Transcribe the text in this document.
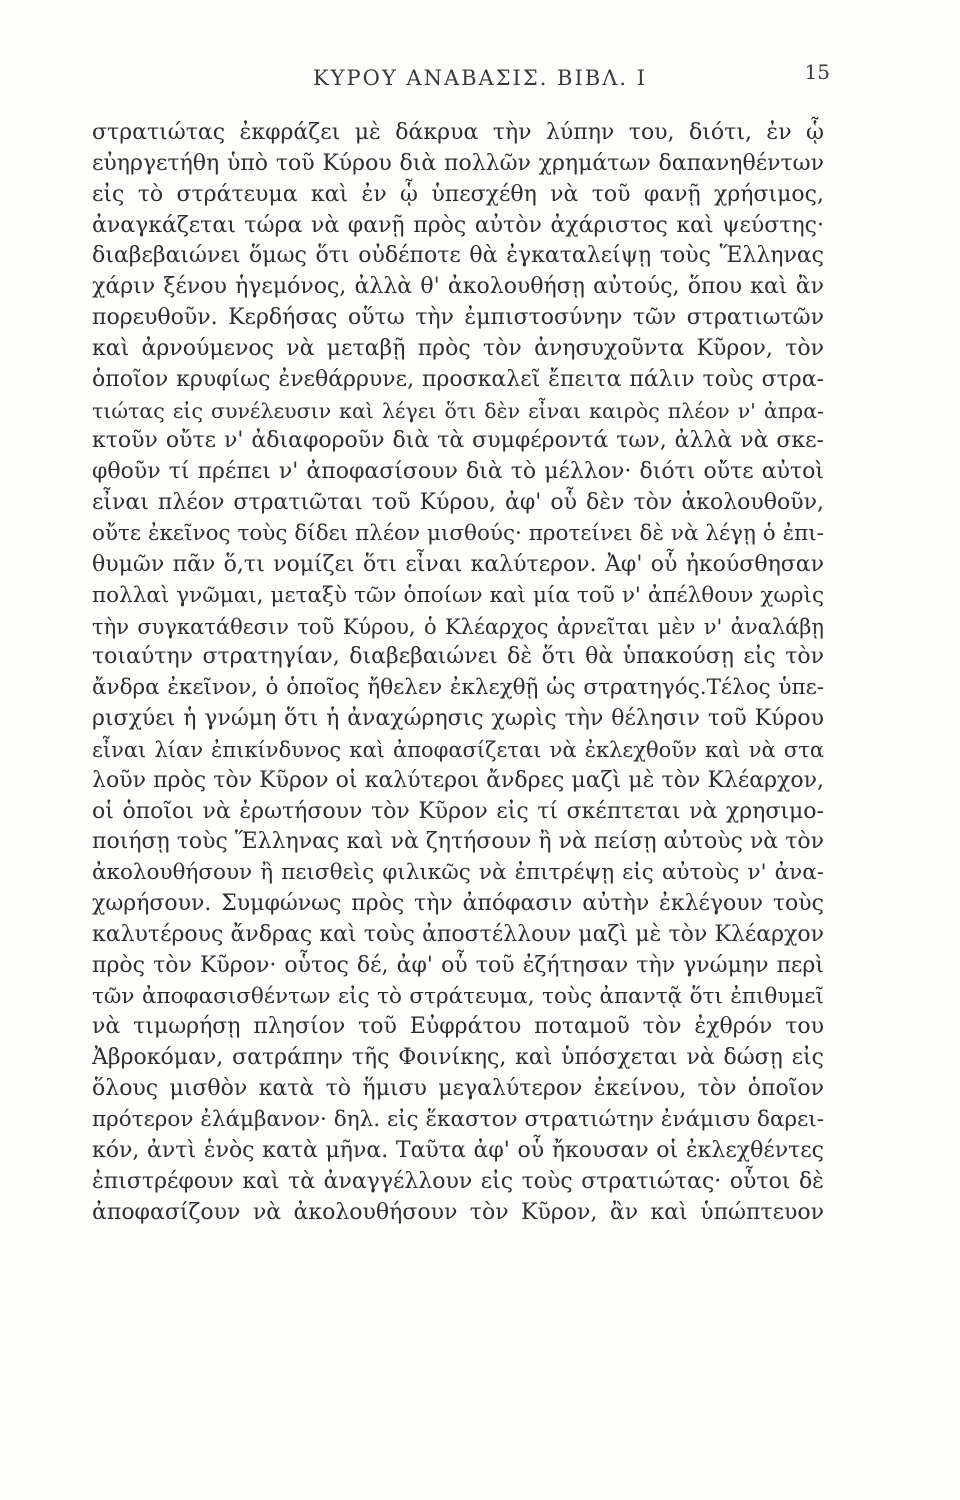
ΚΥΡΟΥ ΑΝΑΒΑΣΙΣ. ΒΙΒΛ. Ι	15
στρατιώτας ἐκφράζει μὲ δάκρυα τὴν λύπην του, διότι, ἐν ᾧ
εὐηργετήθη ὑπὸ τοῦ Κύρου διὰ πολλῶν χρημάτων δαπανηθέντων
εἰς τὸ στράτευμα καὶ ἐν ᾧ ὑπεσχέθη νὰ τοῦ φανῇ χρήσιμος,
ἀναγκάζεται τώρα νὰ φανῇ πρὸς αὐτὸν ἀχάριστος καὶ ψεύστης·
διαβεβαιώνει ὅμως ὅτι οὐδέποτε θὰ ἐγκαταλείψῃ τοὺς Ἕλληνας
χάριν ξένου ἡγεμόνος, ἀλλὰ θ' ἀκολουθήσῃ αὐτούς, ὅπου καὶ ἂν
πορευθοῦν. Κερδήσας οὕτω τὴν ἐμπιστοσύνην τῶν στρατιωτῶν
καὶ ἀρνούμενος νὰ μεταβῇ πρὸς τὸν ἀνησυχοῦντα Κῦρον, τὸν
ὁποῖον κρυφίως ἐνεθάρρυνε, προσκαλεῖ ἔπειτα πάλιν τοὺς στρα-
τιώτας εἰς συνέλευσιν καὶ λέγει ὅτι δὲν εἶναι καιρὸς πλέον ν' ἀπρα-
κτοῦν οὔτε ν' ἀδιαφοροῦν διὰ τὰ συμφέροντά των, ἀλλὰ νὰ σκε-
φθοῦν τί πρέπει ν' ἀποφασίσουν διὰ τὸ μέλλον· διότι οὔτε αὐτοὶ
εἶναι πλέον στρατιῶται τοῦ Κύρου, ἀφ' οὗ δὲν τὸν ἀκολουθοῦν,
οὔτε ἐκεῖνος τοὺς δίδει πλέον μισθούς· προτείνει δὲ νὰ λέγῃ ὁ ἐπι-
θυμῶν πᾶν ὅ,τι νομίζει ὅτι εἶναι καλύτερον. Ἀφ' οὗ ἠκούσθησαν
πολλαὶ γνῶμαι, μεταξὺ τῶν ὁποίων καὶ μία τοῦ ν' ἀπέλθουν χωρὶς
τὴν συγκατάθεσιν τοῦ Κύρου, ὁ Κλέαρχος ἀρνεῖται μὲν ν' ἀναλάβῃ
τοιαύτην στρατηγίαν, διαβεβαιώνει δὲ ὅτι θὰ ὑπακούσῃ εἰς τὸν
ἄνδρα ἐκεῖνον, ὁ ὁποῖος ἤθελεν ἐκλεχθῇ ὡς στρατηγός.Τέλος ὑπε-
ρισχύει ἡ γνώμη ὅτι ἡ ἀναχώρησις χωρὶς τὴν θέλησιν τοῦ Κύρου
εἶναι λίαν ἐπικίνδυνος καὶ ἀποφασίζεται νὰ ἐκλεχθοῦν καὶ νὰ στα
λοῦν πρὸς τὸν Κῦρον οἱ καλύτεροι ἄνδρες μαζὶ μὲ τὸν Κλέαρχον,
οἱ ὁποῖοι νὰ ἐρωτήσουν τὸν Κῦρον εἰς τί σκέπτεται νὰ χρησιμο-
ποιήσῃ τοὺς Ἕλληνας καὶ νὰ ζητήσουν ἢ νὰ πείσῃ αὐτοὺς νὰ τὸν
ἀκολουθήσουν ἢ πεισθεὶς φιλικῶς νὰ ἐπιτρέψῃ εἰς αὐτοὺς ν' ἀνα-
χωρήσουν. Συμφώνως πρὸς τὴν ἀπόφασιν αὐτὴν ἐκλέγουν τοὺς
καλυτέρους ἄνδρας καὶ τοὺς ἀποστέλλουν μαζὶ μὲ τὸν Κλέαρχον
πρὸς τὸν Κῦρον· οὗτος δέ, ἀφ' οὗ τοῦ ἐζήτησαν τὴν γνώμην περὶ
τῶν ἀποφασισθέντων εἰς τὸ στράτευμα, τοὺς ἀπαντᾷ ὅτι ἐπιθυμεῖ
νὰ τιμωρήσῃ πλησίον τοῦ Εὐφράτου ποταμοῦ τὸν ἐχθρόν του
Ἀβροκόμαν, σατράπην τῆς Φοινίκης, καὶ ὑπόσχεται νὰ δώσῃ εἰς
ὅλους μισθὸν κατὰ τὸ ἥμισυ μεγαλύτερον ἐκείνου, τὸν ὁποῖον
πρότερον ἐλάμβανον· δηλ. εἰς ἕκαστον στρατιώτην ἐνάμισυ δαρει-
κόν, ἀντὶ ἑνὸς κατὰ μῆνα. Ταῦτα ἀφ' οὗ ἤκουσαν οἱ ἐκλεχθέντες
ἐπιστρέφουν καὶ τὰ ἀναγγέλλουν εἰς τοὺς στρατιώτας· οὗτοι δὲ
ἀποφασίζουν νὰ ἀκολουθήσουν τὸν Κῦρον, ἂν καὶ ὑπώπτευον
